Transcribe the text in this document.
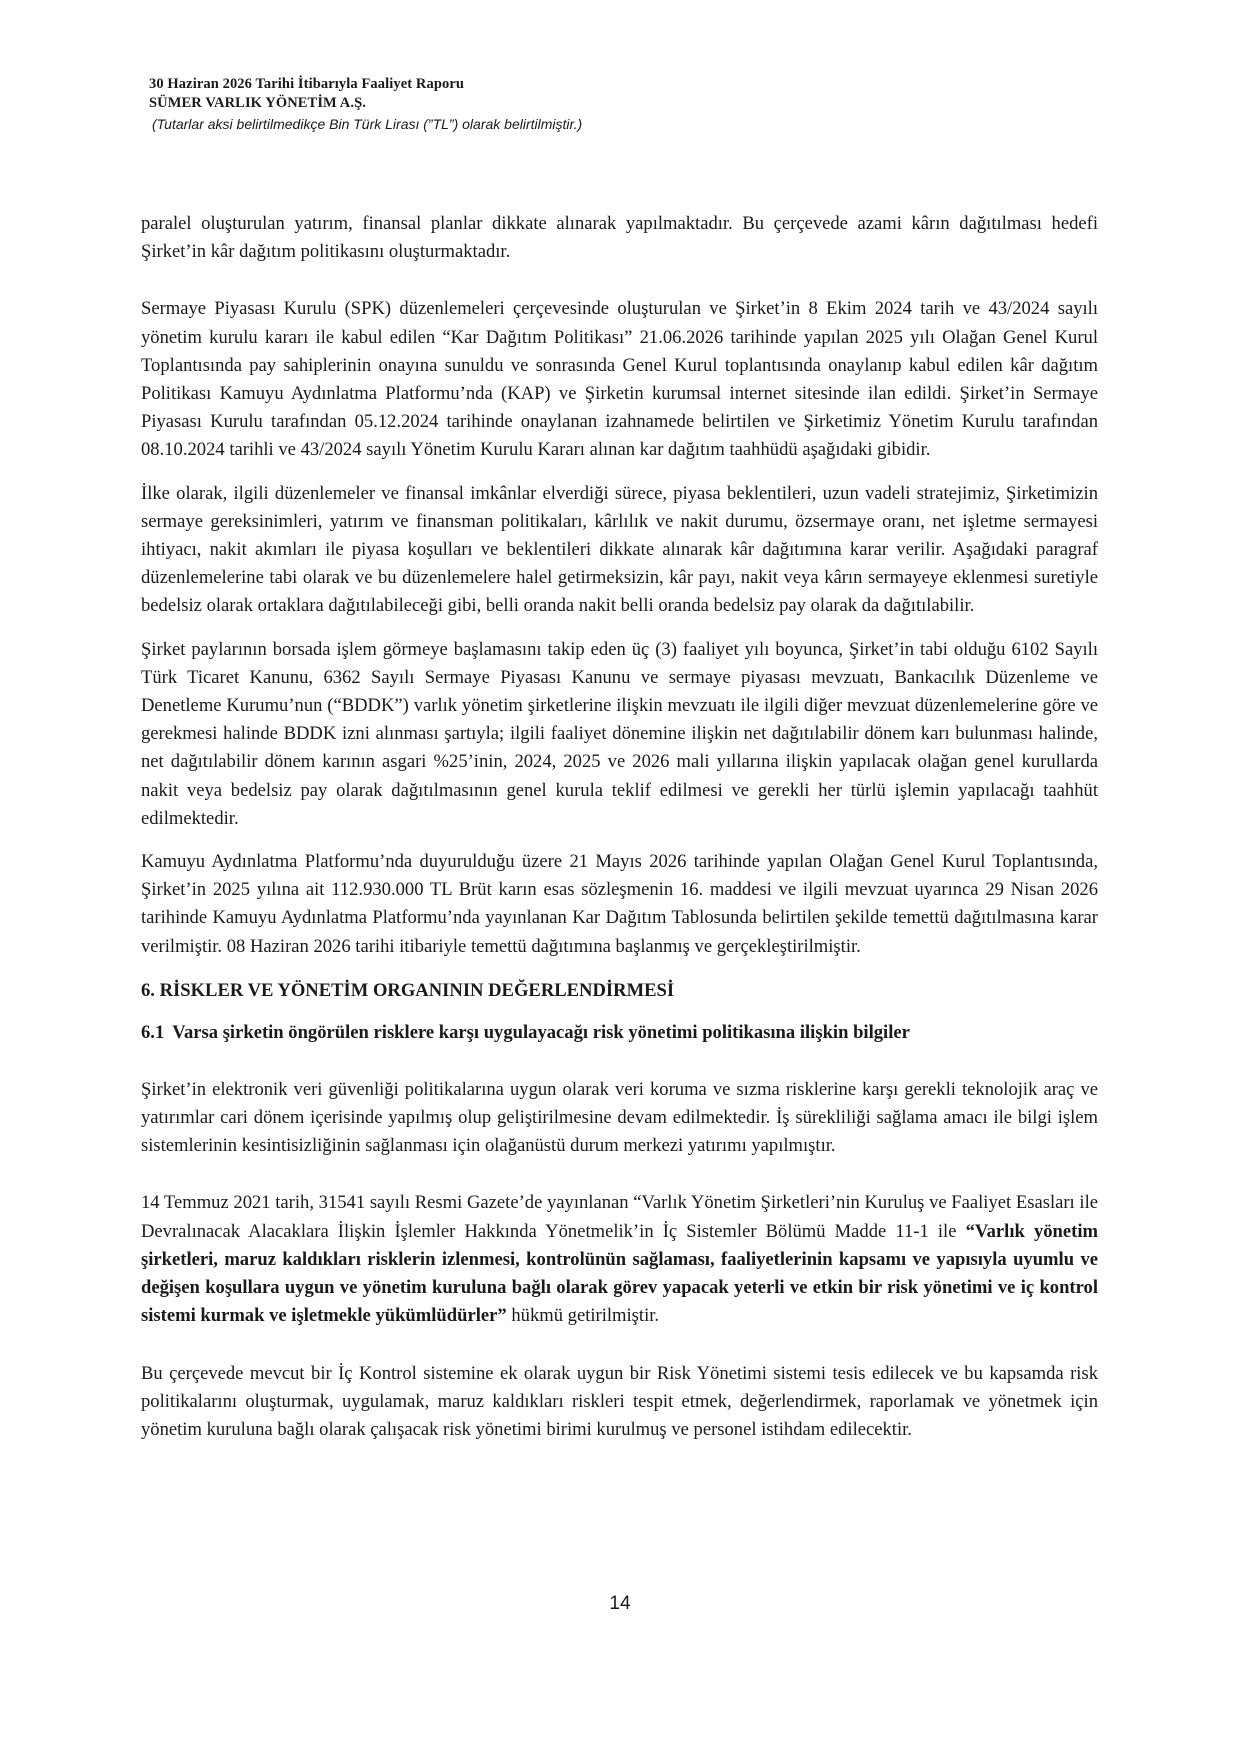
30 Haziran 2026 Tarihi İtibarıyla Faaliyet Raporu
SÜMER VARLIK YÖNETİM A.Ş.
(Tutarlar aksi belirtilmedikçe Bin Türk Lirası (”TL”) olarak belirtilmiştir.)

paralel oluşturulan yatırım, finansal planlar dikkate alınarak yapılmaktadır. Bu çerçevede azami kârın dağıtılması hedefi Şirket’in kâr dağıtım politikasını oluşturmaktadır.

Sermaye Piyasası Kurulu (SPK) düzenlemeleri çerçevesinde oluşturulan ve Şirket’in 8 Ekim 2024 tarih ve 43/2024 sayılı yönetim kurulu kararı ile kabul edilen “Kar Dağıtım Politikası” 21.06.2026 tarihinde yapılan 2025 yılı Olağan Genel Kurul Toplantısında pay sahiplerinin onayına sunuldu ve sonrasında Genel Kurul toplantısında onaylanıp kabul edilen kâr dağıtım Politikası Kamuyu Aydınlatma Platformu’nda (KAP) ve Şirketin kurumsal internet sitesinde ilan edildi. Şirket’in Sermaye Piyasası Kurulu tarafından 05.12.2024 tarihinde onaylanan izahnamede belirtilen ve Şirketimiz Yönetim Kurulu tarafından 08.10.2024 tarihli ve 43/2024 sayılı Yönetim Kurulu Kararı alınan kar dağıtım taahhüdü aşağıdaki gibidir.

İlke olarak, ilgili düzenlemeler ve finansal imkânlar elverdiği sürece, piyasa beklentileri, uzun vadeli stratejimiz, Şirketimizin sermaye gereksinimleri, yatırım ve finansman politikaları, kârlılık ve nakit durumu, özsermaye oranı, net işletme sermayesi ihtiyacı, nakit akımları ile piyasa koşulları ve beklentileri dikkate alınarak kâr dağıtımına karar verilir. Aşağıdaki paragraf düzenlemelerine tabi olarak ve bu düzenlemelere halel getirmeksizin, kâr payı, nakit veya kârın sermayeye eklenmesi suretiyle bedelsiz olarak ortaklara dağıtılabileceği gibi, belli oranda nakit belli oranda bedelsiz pay olarak da dağıtılabilir.

Şirket paylarının borsada işlem görmeye başlamasını takip eden üç (3) faaliyet yılı boyunca, Şirket’in tabi olduğu 6102 Sayılı Türk Ticaret Kanunu, 6362 Sayılı Sermaye Piyasası Kanunu ve sermaye piyasası mevzuatı, Bankacılık Düzenleme ve Denetleme Kurumu’nun (“BDDK”) varlık yönetim şirketlerine ilişkin mevzuatı ile ilgili diğer mevzuat düzenlemelerine göre ve gerekmesi halinde BDDK izni alınması şartıyla; ilgili faaliyet dönemine ilişkin net dağıtılabilir dönem karı bulunması halinde, net dağıtılabilir dönem karının asgari %25’inin, 2024, 2025 ve 2026 mali yıllarına ilişkin yapılacak olağan genel kurullarda nakit veya bedelsiz pay olarak dağıtılmasının genel kurula teklif edilmesi ve gerekli her türlü işlemin yapılacağı taahhüt edilmektedir.

Kamuyu Aydınlatma Platformu’nda duyurulduğu üzere 21 Mayıs 2026 tarihinde yapılan Olağan Genel Kurul Toplantısında, Şirket’in 2025 yılına ait 112.930.000 TL Brüt karın esas sözleşmenin 16. maddesi ve ilgili mevzuat uyarınca 29 Nisan 2026 tarihinde Kamuyu Aydınlatma Platformu’nda yayınlanan Kar Dağıtım Tablosunda belirtilen şekilde temettü dağıtılmasına karar verilmiştir. 08 Haziran 2026 tarihi itibariyle temettü dağıtımına başlanmış ve gerçekleştirilmiştir.

6. RİSKLER VE YÖNETİM ORGANININ DEĞERLENDİRMESİ
6.1 Varsa şirketin öngörülen risklere karşı uygulayacağı risk yönetimi politikasına ilişkin bilgiler

Şirket’in elektronik veri güvenliği politikalarına uygun olarak veri koruma ve sızma risklerine karşı gerekli teknolojik araç ve yatırımlar cari dönem içerisinde yapılmış olup geliştirilmesine devam edilmektedir. İş sürekliliği sağlama amacı ile bilgi işlem sistemlerinin kesintisizliğinin sağlanması için olağanüstü durum merkezi yatırımı yapılmıştır.

14 Temmuz 2021 tarih, 31541 sayılı Resmi Gazete’de yayınlanan “Varlık Yönetim Şirketleri’nin Kuruluş ve Faaliyet Esasları ile Devralınacak Alacaklara İlişkin İşlemler Hakkında Yönetmelik’in İç Sistemler Bölümü Madde 11-1 ile “Varlık yönetim şirketleri, maruz kaldıkları risklerin izlenmesi, kontrolünün sağlaması, faaliyetlerinin kapsamı ve yapısıyla uyumlu ve değişen koşullara uygun ve yönetim kuruluna bağlı olarak görev yapacak yeterli ve etkin bir risk yönetimi ve iç kontrol sistemi kurmak ve işletmekle yükümlüdürler” hükmü getirilmiştir.

Bu çerçevede mevcut bir İç Kontrol sistemine ek olarak uygun bir Risk Yönetimi sistemi tesis edilecek ve bu kapsamda risk politikalarını oluşturmak, uygulamak, maruz kaldıkları riskleri tespit etmek, değerlendirmek, raporlamak ve yönetmek için yönetim kuruluna bağlı olarak çalışacak risk yönetimi birimi kurulmuş ve personel istihdam edilecektir.

14
